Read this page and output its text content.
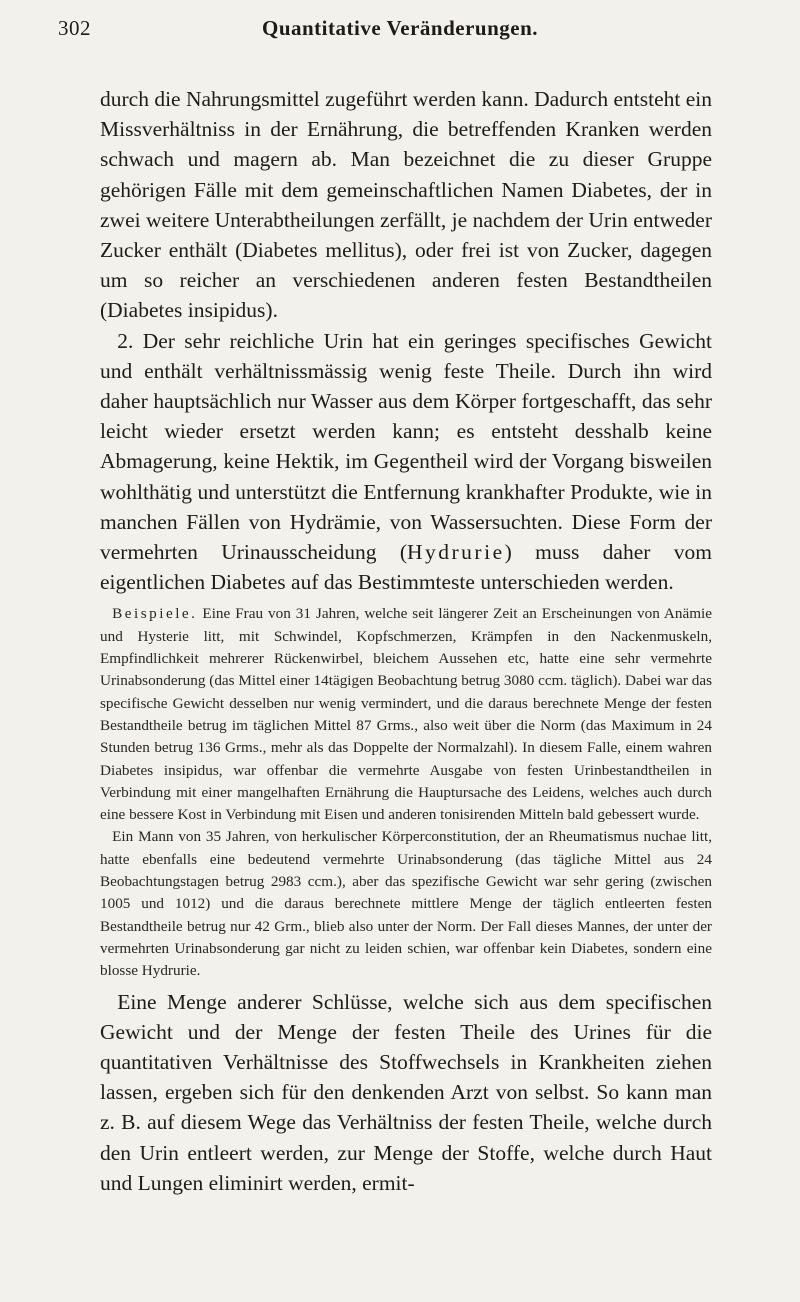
302	Quantitative Veränderungen.

durch die Nahrungsmittel zugeführt werden kann. Dadurch entsteht ein Missverhältniss in der Ernährung, die betreffenden Kranken werden schwach und magern ab. Man bezeichnet die zu dieser Gruppe gehörigen Fälle mit dem gemeinschaftlichen Namen Diabetes, der in zwei weitere Unterabtheilungen zerfällt, je nachdem der Urin entweder Zucker enthält (Diabetes mellitus), oder frei ist von Zucker, dagegen um so reicher an verschiedenen anderen festen Bestandtheilen (Diabetes insipidus).

2. Der sehr reichliche Urin hat ein geringes specifisches Gewicht und enthält verhältnissmässig wenig feste Theile. Durch ihn wird daher hauptsächlich nur Wasser aus dem Körper fortgeschafft, das sehr leicht wieder ersetzt werden kann; es entsteht desshalb keine Abmagerung, keine Hektik, im Gegentheil wird der Vorgang bisweilen wohlthätig und unterstützt die Entfernung krankhafter Produkte, wie in manchen Fällen von Hydrämie, von Wassersuchten. Diese Form der vermehrten Urinausscheidung (Hydrurie) muss daher vom eigentlichen Diabetes auf das Bestimmteste unterschieden werden.

Beispiele. Eine Frau von 31 Jahren, welche seit längerer Zeit an Erscheinungen von Anämie und Hysterie litt, mit Schwindel, Kopfschmerzen, Krämpfen in den Nackenmuskeln, Empfindlichkeit mehrerer Rückenwirbel, bleichem Aussehen etc, hatte eine sehr vermehrte Urinabsonderung (das Mittel einer 14tägigen Beobachtung betrug 3080 ccm. täglich). Dabei war das specifische Gewicht desselben nur wenig vermindert, und die daraus berechnete Menge der festen Bestandtheile betrug im täglichen Mittel 87 Grms., also weit über die Norm (das Maximum in 24 Stunden betrug 136 Grms., mehr als das Doppelte der Normalzahl). In diesem Falle, einem wahren Diabetes insipidus, war offenbar die vermehrte Ausgabe von festen Urinbestandtheilen in Verbindung mit einer mangelhaften Ernährung die Hauptursache des Leidens, welches auch durch eine bessere Kost in Verbindung mit Eisen und anderen tonisirenden Mitteln bald gebessert wurde.

Ein Mann von 35 Jahren, von herkulischer Körperconstitution, der an Rheumatismus nuchae litt, hatte ebenfalls eine bedeutend vermehrte Urinabsonderung (das tägliche Mittel aus 24 Beobachtungstagen betrug 2983 ccm.), aber das spezifische Gewicht war sehr gering (zwischen 1005 und 1012) und die daraus berechnete mittlere Menge der täglich entleerten festen Bestandtheile betrug nur 42 Grm., blieb also unter der Norm. Der Fall dieses Mannes, der unter der vermehrten Urinabsonderung gar nicht zu leiden schien, war offenbar kein Diabetes, sondern eine blosse Hydrurie.

Eine Menge anderer Schlüsse, welche sich aus dem specifischen Gewicht und der Menge der festen Theile des Urines für die quantitativen Verhältnisse des Stoffwechsels in Krankheiten ziehen lassen, ergeben sich für den denkenden Arzt von selbst. So kann man z. B. auf diesem Wege das Verhältniss der festen Theile, welche durch den Urin entleert werden, zur Menge der Stoffe, welche durch Haut und Lungen eliminirt werden, ermit-
